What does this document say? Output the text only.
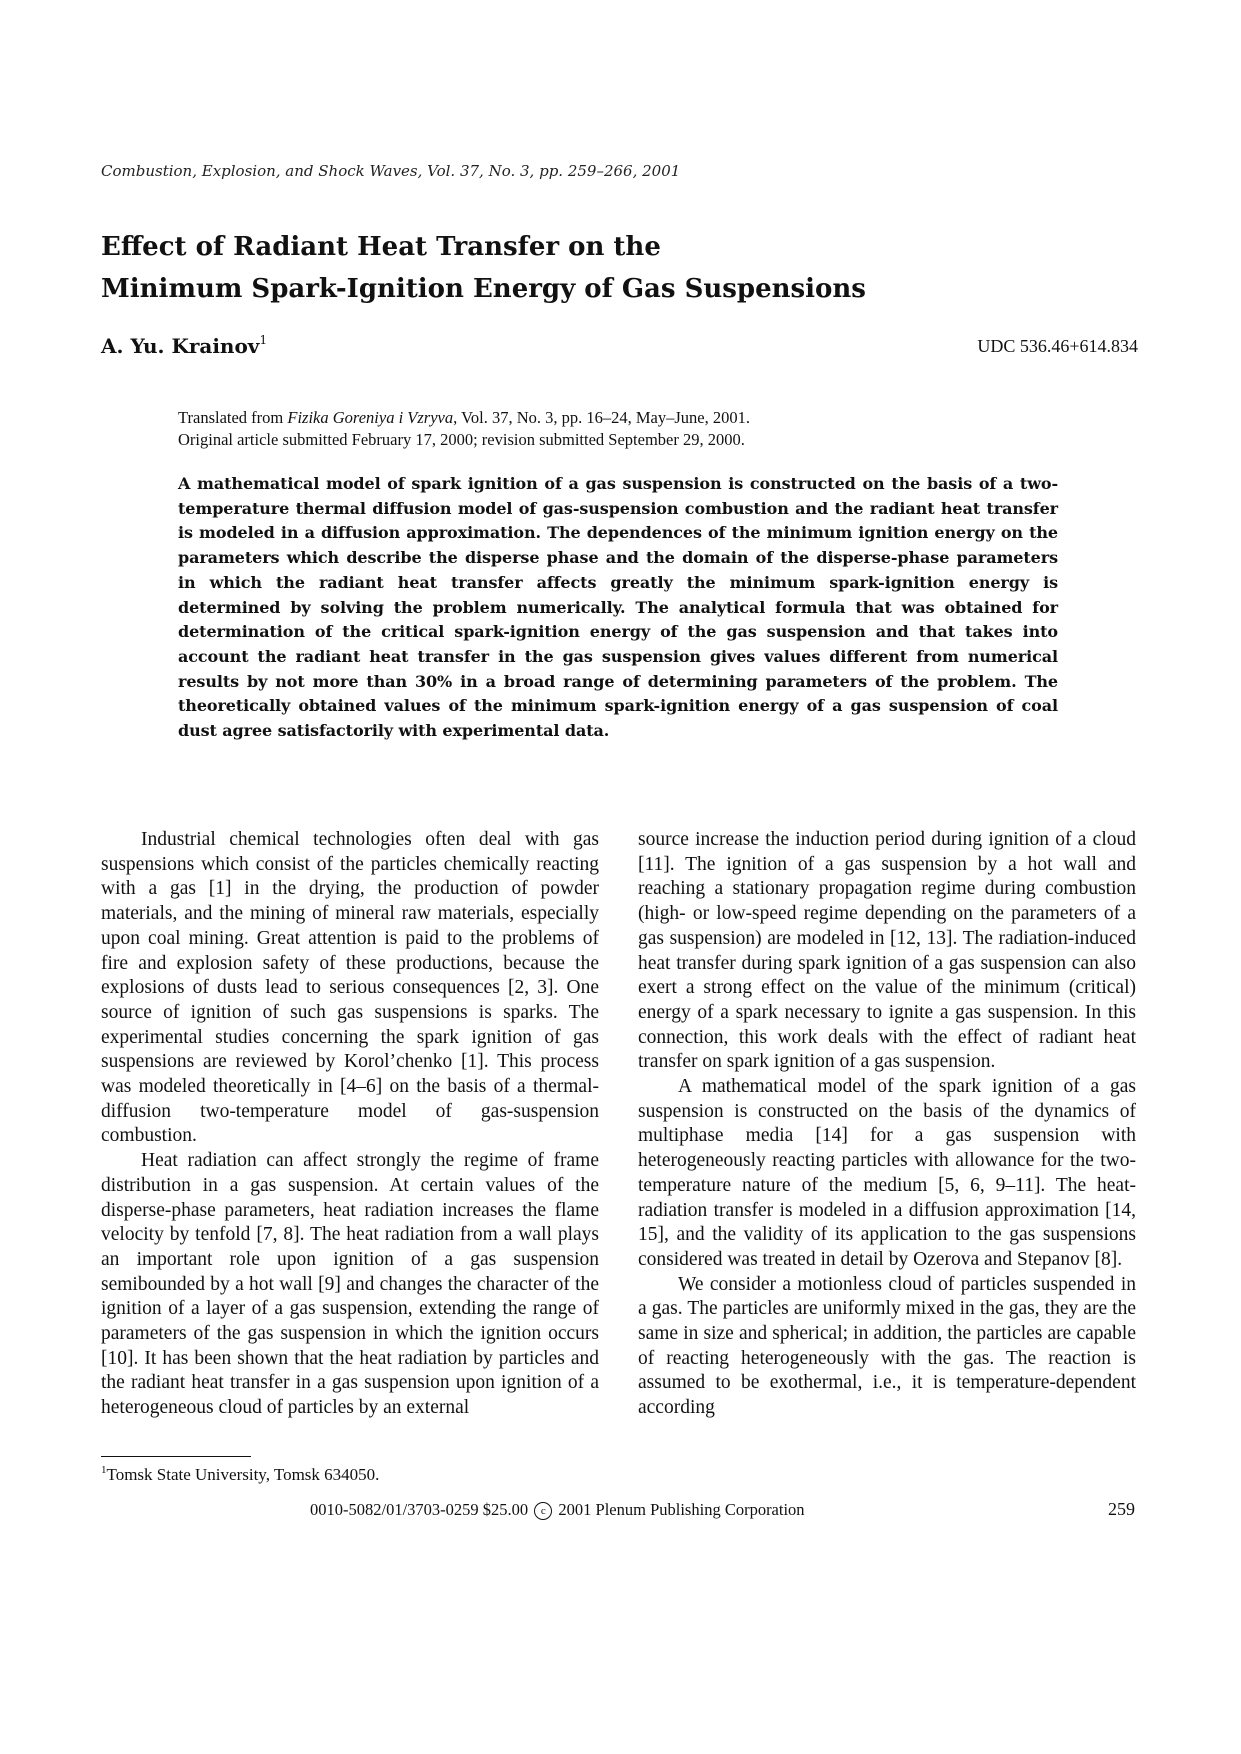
Combustion, Explosion, and Shock Waves, Vol. 37, No. 3, pp. 259–266, 2001
Effect of Radiant Heat Transfer on the
Minimum Spark-Ignition Energy of Gas Suspensions
A. Yu. Krainov$^1$	UDC 536.46+614.834
Translated from Fizika Goreniya i Vzryva, Vol. 37, No. 3, pp. 16–24, May–June, 2001.
Original article submitted February 17, 2000; revision submitted September 29, 2000.
A mathematical model of spark ignition of a gas suspension is constructed on the basis of a two-temperature thermal diffusion model of gas-suspension combustion and the radiant heat transfer is modeled in a diffusion approximation. The dependences of the minimum ignition energy on the parameters which describe the disperse phase and the domain of the disperse-phase parameters in which the radiant heat transfer affects greatly the minimum spark-ignition energy is determined by solving the problem numerically. The analytical formula that was obtained for determination of the critical spark-ignition energy of the gas suspension and that takes into account the radiant heat transfer in the gas suspension gives values different from numerical results by not more than 30% in a broad range of determining parameters of the problem. The theoretically obtained values of the minimum spark-ignition energy of a gas suspension of coal dust agree satisfactorily with experimental data.

Industrial chemical technologies often deal with gas suspensions which consist of the particles chemically reacting with a gas [1] in the drying, the production of powder materials, and the mining of mineral raw materials, especially upon coal mining. Great attention is paid to the problems of fire and explosion safety of these productions, because the explosions of dusts lead to serious consequences [2, 3]. One source of ignition of such gas suspensions is sparks. The experimental studies concerning the spark ignition of gas suspensions are reviewed by Korol’chenko [1]. This process was modeled theoretically in [4–6] on the basis of a thermal-diffusion two-temperature model of gas-suspension combustion.

Heat radiation can affect strongly the regime of frame distribution in a gas suspension. At certain values of the disperse-phase parameters, heat radiation increases the flame velocity by tenfold [7, 8]. The heat radiation from a wall plays an important role upon ignition of a gas suspension semibounded by a hot wall [9] and changes the character of the ignition of a layer of a gas suspension, extending the range of parameters of the gas suspension in which the ignition occurs [10]. It has been shown that the heat radiation by particles and the radiant heat transfer in a gas suspension upon ignition of a heterogeneous cloud of particles by an external

source increase the induction period during ignition of a cloud [11]. The ignition of a gas suspension by a hot wall and reaching a stationary propagation regime during combustion (high- or low-speed regime depending on the parameters of a gas suspension) are modeled in [12, 13]. The radiation-induced heat transfer during spark ignition of a gas suspension can also exert a strong effect on the value of the minimum (critical) energy of a spark necessary to ignite a gas suspension. In this connection, this work deals with the effect of radiant heat transfer on spark ignition of a gas suspension.

A mathematical model of the spark ignition of a gas suspension is constructed on the basis of the dynamics of multiphase media [14] for a gas suspension with heterogeneously reacting particles with allowance for the two-temperature nature of the medium [5, 6, 9–11]. The heat-radiation transfer is modeled in a diffusion approximation [14, 15], and the validity of its application to the gas suspensions considered was treated in detail by Ozerova and Stepanov [8].

We consider a motionless cloud of particles suspended in a gas. The particles are uniformly mixed in the gas, they are the same in size and spherical; in addition, the particles are capable of reacting heterogeneously with the gas. The reaction is assumed to be exothermal, i.e., it is temperature-dependent according

$^1$Tomsk State University, Tomsk 634050.
0010-5082/01/3703-0259 $25.00 c 2001 Plenum Publishing Corporation	259
